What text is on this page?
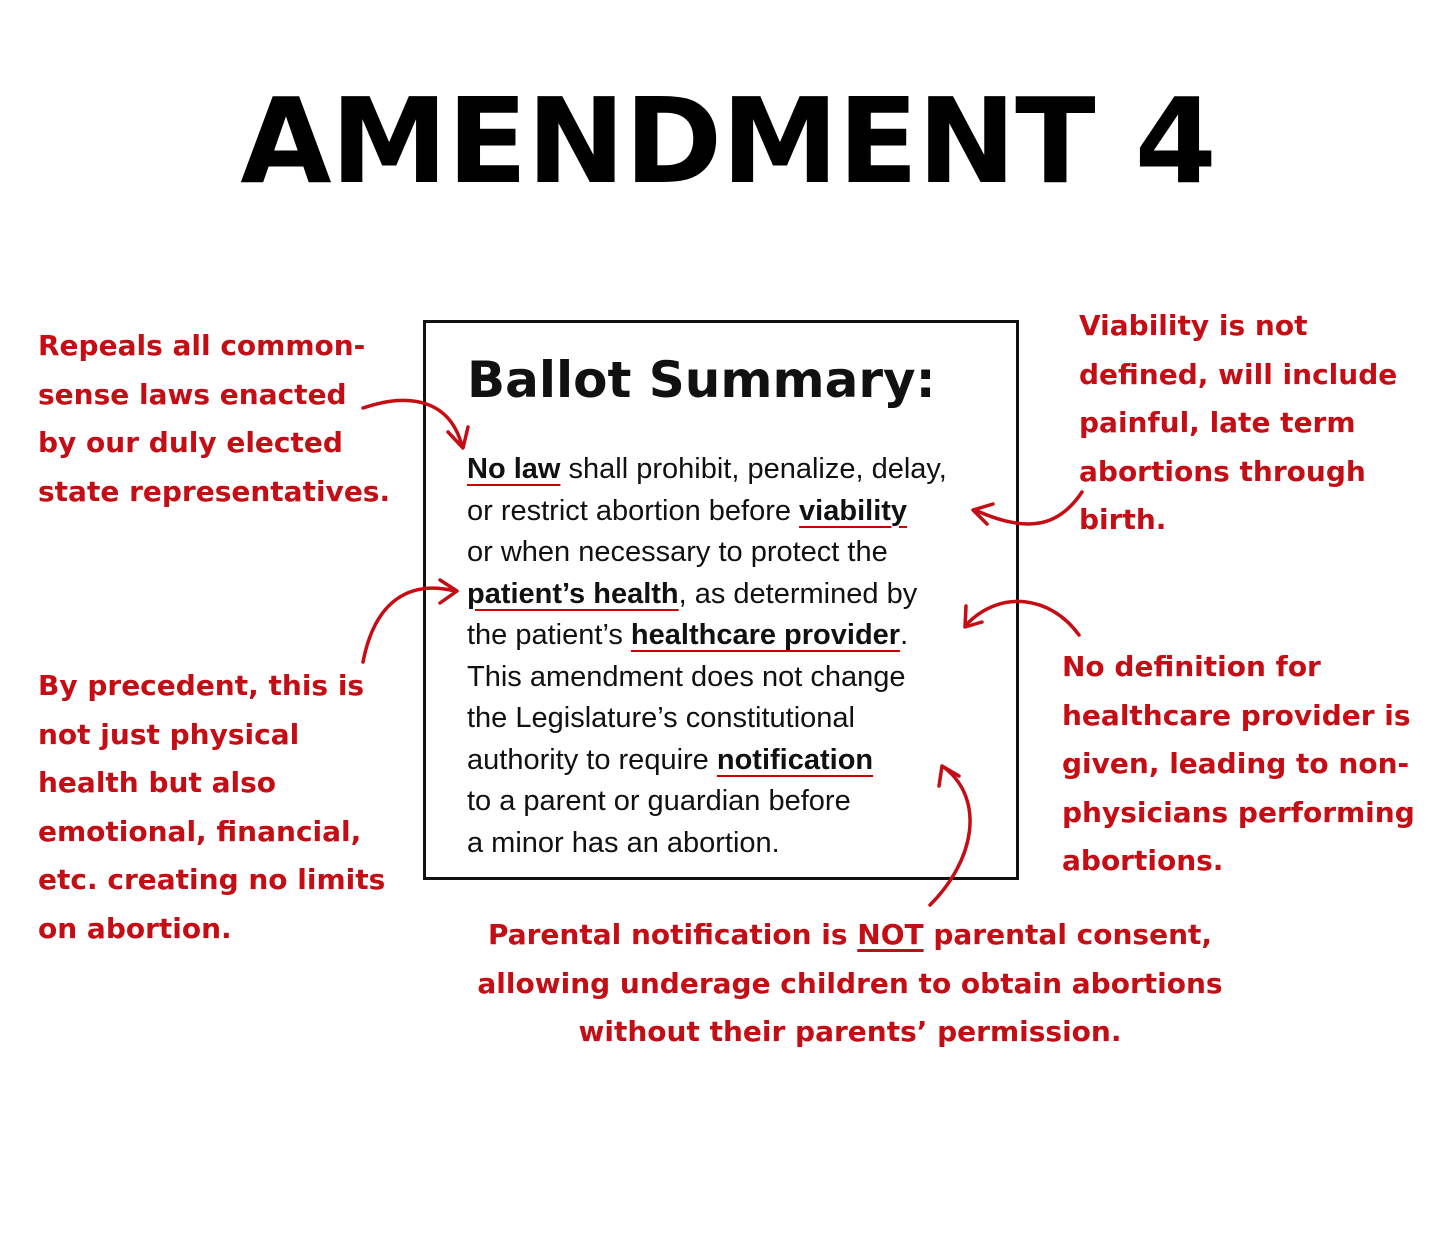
AMENDMENT 4
Ballot Summary:
No law shall prohibit, penalize, delay,
or restrict abortion before viability
or when necessary to protect the
patient’s health, as determined by
the patient’s healthcare provider.
This amendment does not change
the Legislature’s constitutional
authority to require notification
to a parent or guardian before
a minor has an abortion.
Repeals all common-
sense laws enacted
by our duly elected
state representatives.
By precedent, this is
not just physical
health but also
emotional, financial,
etc. creating no limits
on abortion.
Viability is not
defined, will include
painful, late term
abortions through
birth.
No definition for
healthcare provider is
given, leading to non-
physicians performing
abortions.
Parental notification is NOT parental consent,
allowing underage children to obtain abortions
without their parents’ permission.
